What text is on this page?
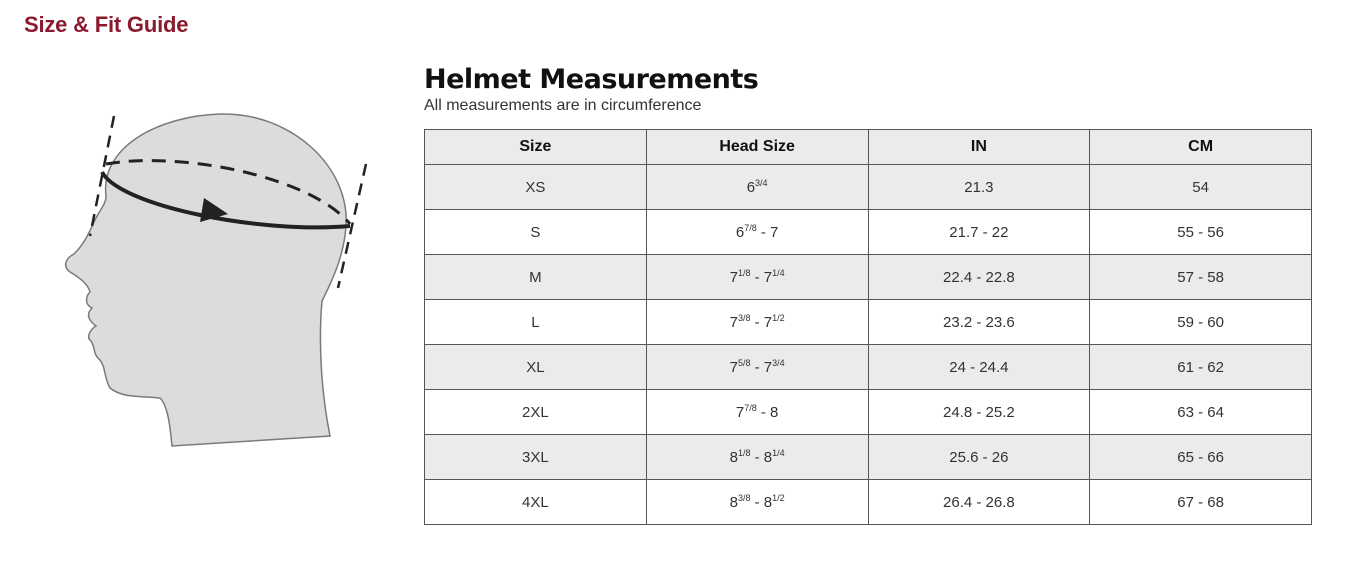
Size & Fit Guide
Helmet Measurements
All measurements are in circumference
Size	Head Size	IN	CM
XS	$6^{3/4}$	21.3	54
S	$6^{7/8} - 7$	21.7 - 22	55 - 56
M	$7^{1/8} - 7^{1/4}$	22.4 - 22.8	57 - 58
L	$7^{3/8} - 7^{1/2}$	23.2 - 23.6	59 - 60
XL	$7^{5/8} - 7^{3/4}$	24 - 24.4	61 - 62
2XL	$7^{7/8} - 8$	24.8 - 25.2	63 - 64
3XL	$8^{1/8} - 8^{1/4}$	25.6 - 26	65 - 66
4XL	$8^{3/8} - 8^{1/2}$	26.4 - 26.8	67 - 68
